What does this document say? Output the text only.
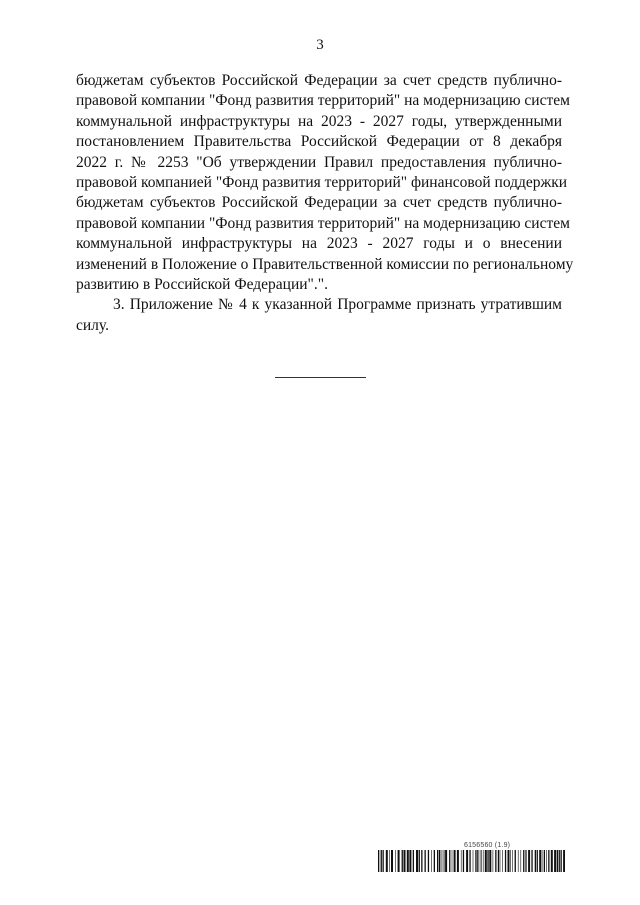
3
бюджетам субъектов Российской Федерации за счет средств публично-
правовой компании "Фонд развития территорий" на модернизацию систем
коммунальной инфраструктуры на 2023 - 2027 годы, утвержденными
постановлением Правительства Российской Федерации от 8 декабря
2022 г. № 2253 "Об утверждении Правил предоставления публично-
правовой компанией "Фонд развития территорий" финансовой поддержки
бюджетам субъектов Российской Федерации за счет средств публично-
правовой компании "Фонд развития территорий" на модернизацию систем
коммунальной инфраструктуры на 2023 - 2027 годы и о внесении
изменений в Положение о Правительственной комиссии по региональному
развитию в Российской Федерации".".
3. Приложение № 4 к указанной Программе признать утратившим
силу.
6156560 (1.9)
